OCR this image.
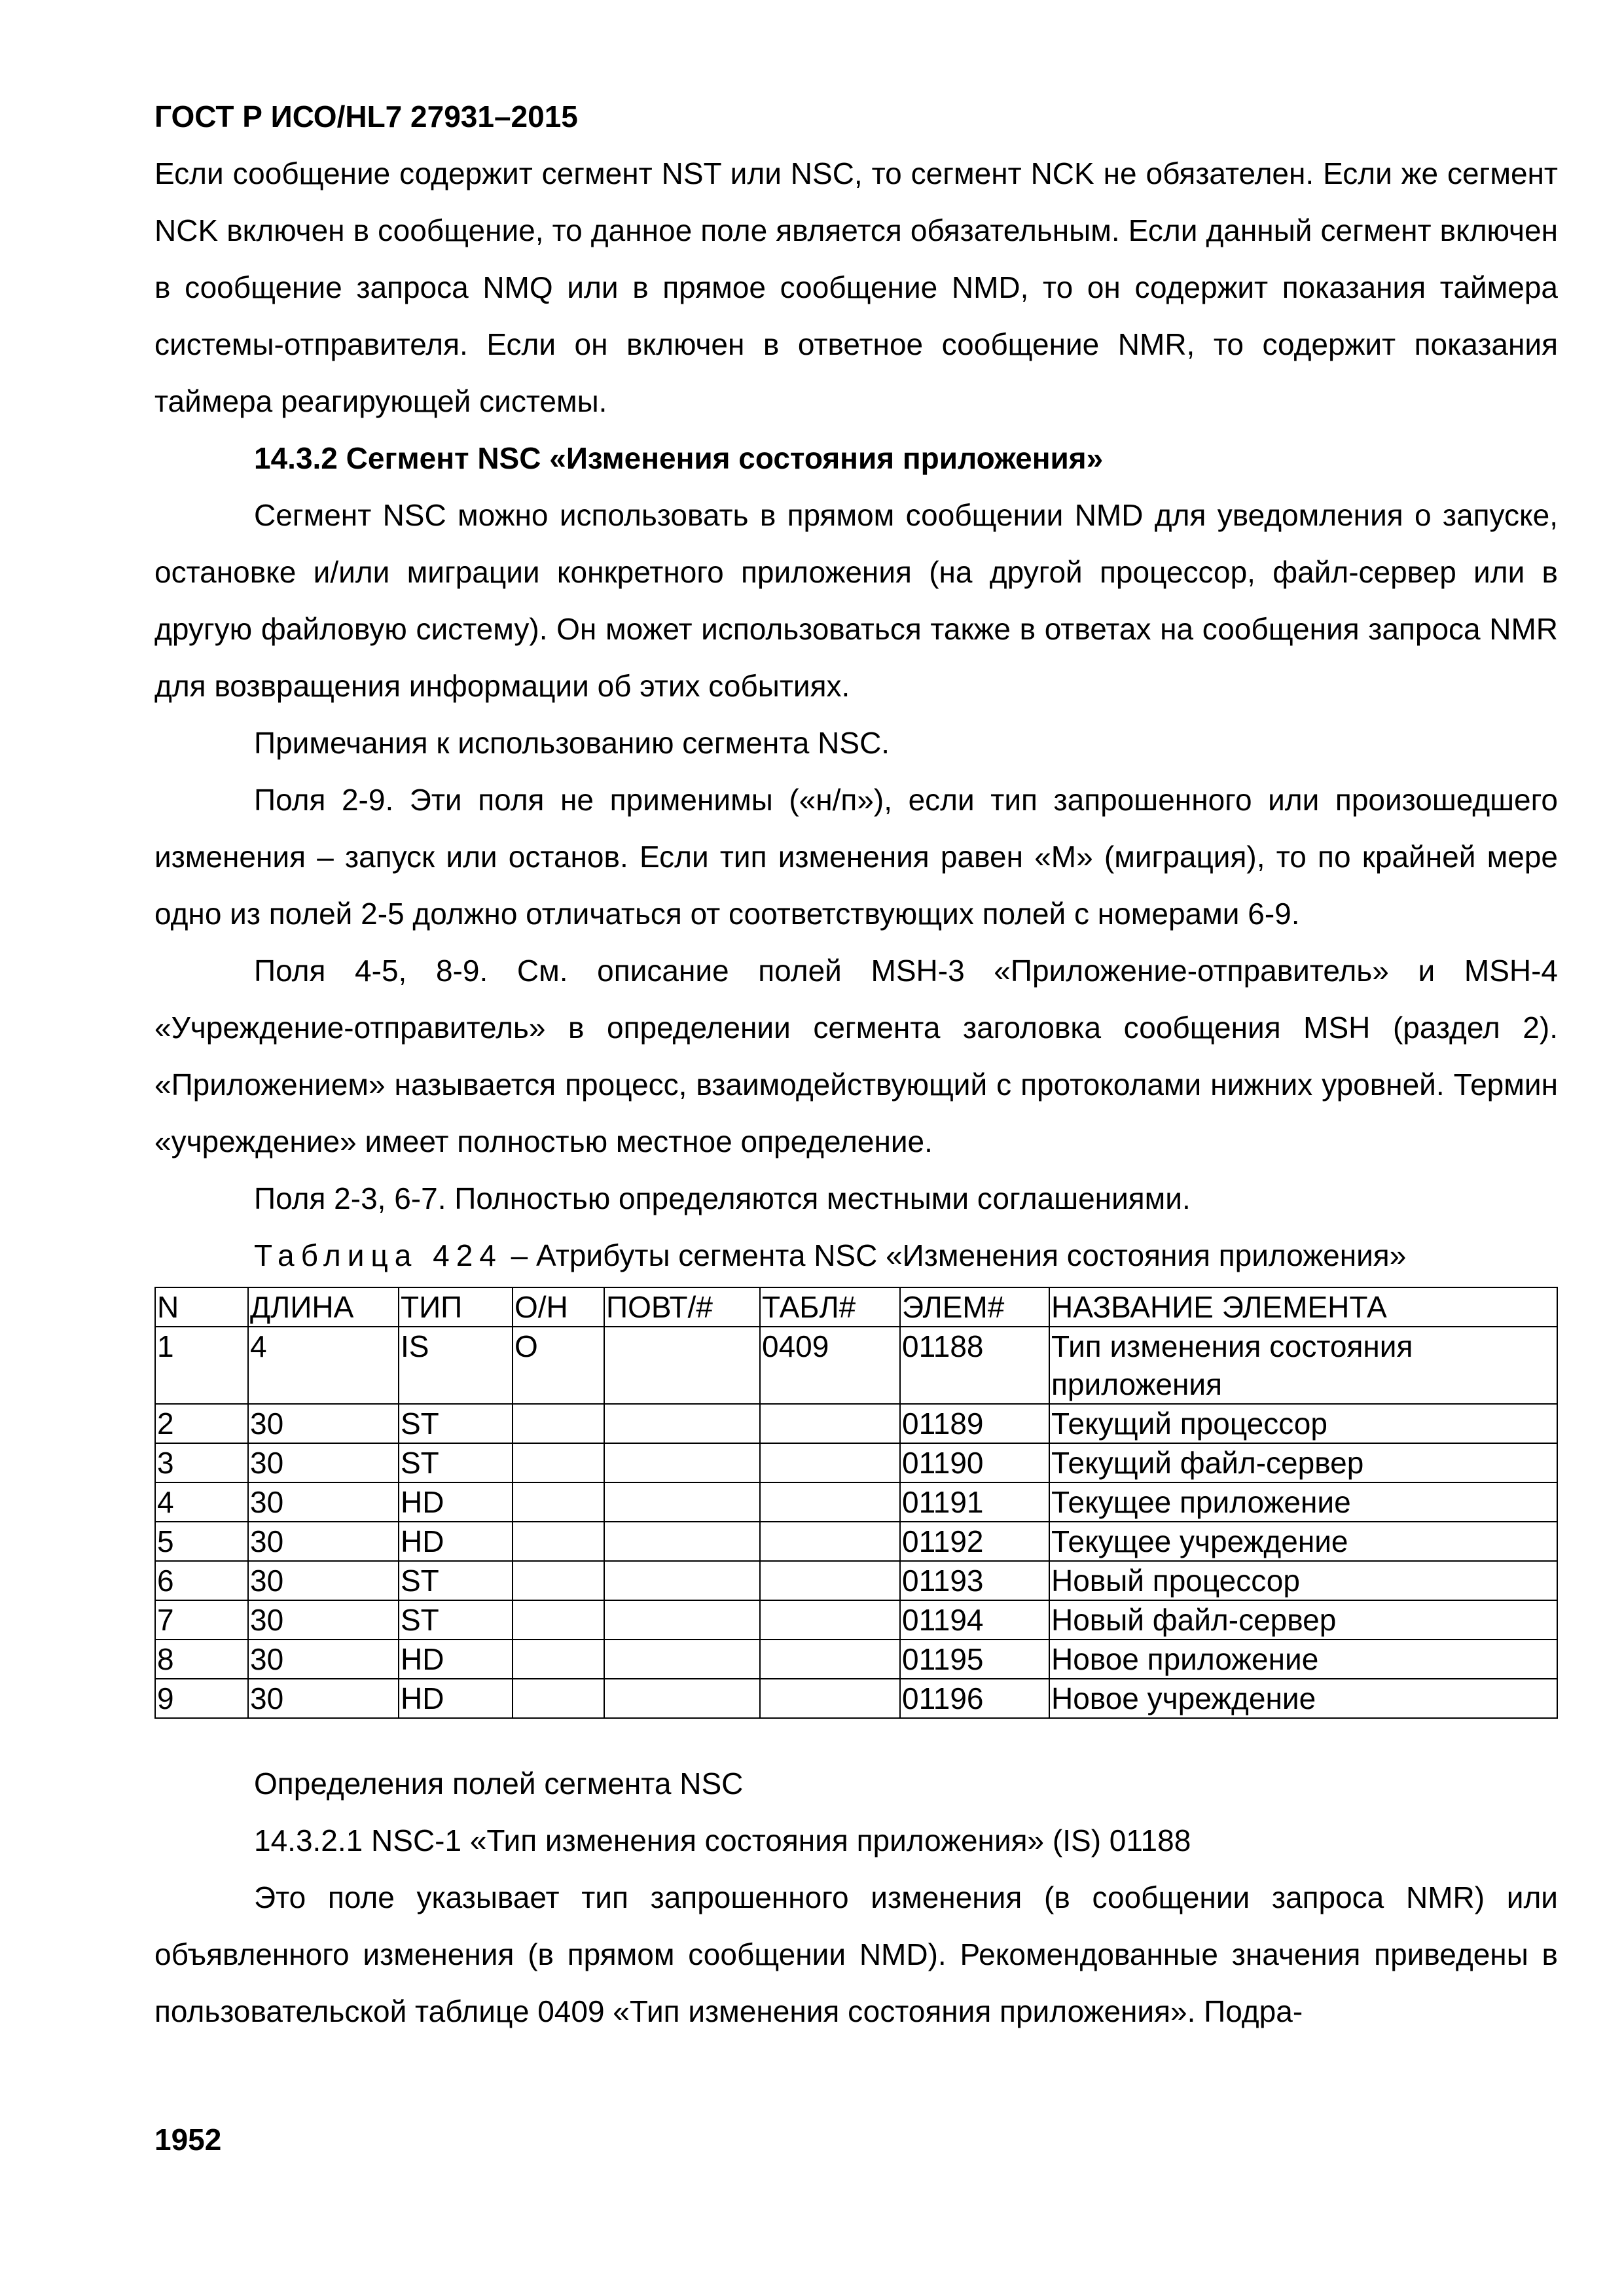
ГОСТ Р ИСО/HL7 27931–2015

Если сообщение содержит сегмент NST или NSC, то сегмент NCK не обязателен. Если же сегмент NCK включен в сообщение, то данное поле является обязательным. Если данный сегмент включен в сообщение запроса NMQ или в прямое сообщение NMD, то он содержит показания таймера системы-отправителя. Если он включен в ответное сообщение NMR, то содержит показания таймера реагирующей системы.

14.3.2 Сегмент NSC «Изменения состояния приложения»

Сегмент NSC можно использовать в прямом сообщении NMD для уведомления о запуске, остановке и/или миграции конкретного приложения (на другой процессор, файл-сервер или в другую файловую систему). Он может использоваться также в ответах на сообщения запроса NMR для возвращения информации об этих событиях.

Примечания к использованию сегмента NSC.

Поля 2-9. Эти поля не применимы («н/п»), если тип запрошенного или произошедшего изменения – запуск или останов. Если тип изменения равен «M» (миграция), то по крайней мере одно из полей 2-5 должно отличаться от соответствующих полей с номерами 6-9.

Поля 4-5, 8-9. См. описание полей MSH-3 «Приложение-отправитель» и MSH-4 «Учреждение-отправитель» в определении сегмента заголовка сообщения MSH (раздел 2). «Приложением» называется процесс, взаимодействующий с протоколами нижних уровней. Термин «учреждение» имеет полностью местное определение.

Поля 2-3, 6-7. Полностью определяются местными соглашениями.

Таблица 424 – Атрибуты сегмента NSC «Изменения состояния приложения»

N	ДЛИНА	ТИП	О/Н	ПОВТ/#	ТАБЛ#	ЭЛЕМ#	НАЗВАНИЕ ЭЛЕМЕНТА
1	4	IS	O		0409	01188	Тип изменения состояния приложения
2	30	ST				01189	Текущий процессор
3	30	ST				01190	Текущий файл-сервер
4	30	HD				01191	Текущее приложение
5	30	HD				01192	Текущее учреждение
6	30	ST				01193	Новый процессор
7	30	ST				01194	Новый файл-сервер
8	30	HD				01195	Новое приложение
9	30	HD				01196	Новое учреждение

Определения полей сегмента NSC

14.3.2.1 NSC-1 «Тип изменения состояния приложения» (IS) 01188

Это поле указывает тип запрошенного изменения (в сообщении запроса NMR) или объявленного изменения (в прямом сообщении NMD). Рекомендованные значения приведены в пользовательской таблице 0409 «Тип изменения состояния приложения». Подра-

1952
